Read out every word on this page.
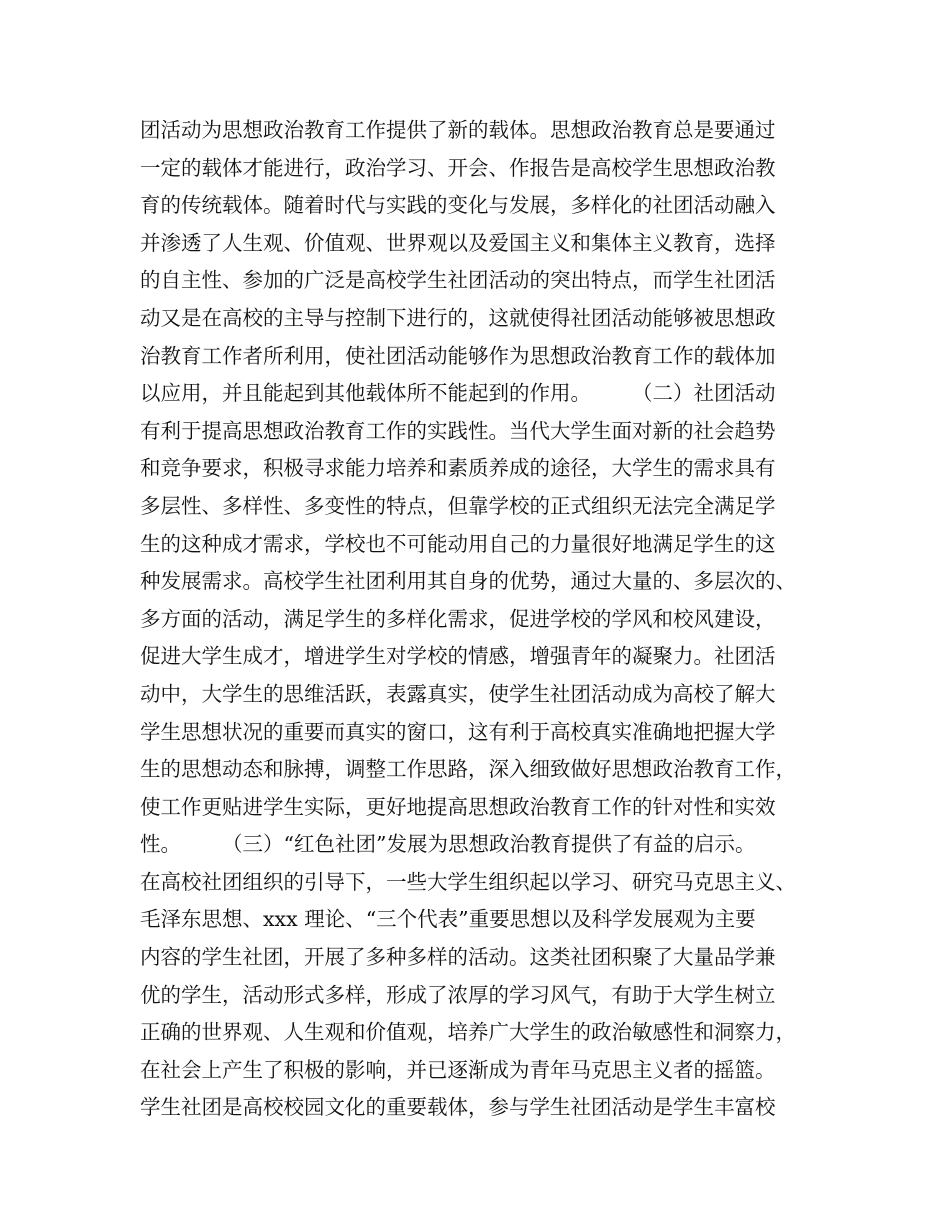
团活动为思想政治教育工作提供了新的载体。思想政治教育总是要通过
一定的载体才能进行，政治学习、开会、作报告是高校学生思想政治教
育的传统载体。随着时代与实践的变化与发展，多样化的社团活动融入
并渗透了人生观、价值观、世界观以及爱国主义和集体主义教育，选择
的自主性、参加的广泛是高校学生社团活动的突出特点，而学生社团活
动又是在高校的主导与控制下进行的，这就使得社团活动能够被思想政
治教育工作者所利用，使社团活动能够作为思想政治教育工作的载体加
以应用，并且能起到其他载体所不能起到的作用。　　　（二）社团活动
有利于提高思想政治教育工作的实践性。当代大学生面对新的社会趋势
和竞争要求，积极寻求能力培养和素质养成的途径，大学生的需求具有
多层性、多样性、多变性的特点，但靠学校的正式组织无法完全满足学
生的这种成才需求，学校也不可能动用自己的力量很好地满足学生的这
种发展需求。高校学生社团利用其自身的优势，通过大量的、多层次的、
多方面的活动，满足学生的多样化需求，促进学校的学风和校风建设，
促进大学生成才，增进学生对学校的情感，增强青年的凝聚力。社团活
动中，大学生的思维活跃，表露真实，使学生社团活动成为高校了解大
学生思想状况的重要而真实的窗口，这有利于高校真实准确地把握大学
生的思想动态和脉搏，调整工作思路，深入细致做好思想政治教育工作，
使工作更贴进学生实际，更好地提高思想政治教育工作的针对性和实效
性。　　　（三）“红色社团”发展为思想政治教育提供了有益的启示。
在高校社团组织的引导下，一些大学生组织起以学习、研究马克思主义、
毛泽东思想、xxx 理论、“三个代表”重要思想以及科学发展观为主要
内容的学生社团，开展了多种多样的活动。这类社团积聚了大量品学兼
优的学生，活动形式多样，形成了浓厚的学习风气，有助于大学生树立
正确的世界观、人生观和价值观，培养广大学生的政治敏感性和洞察力，
在社会上产生了积极的影响，并已逐渐成为青年马克思主义者的摇篮。
学生社团是高校校园文化的重要载体，参与学生社团活动是学生丰富校
